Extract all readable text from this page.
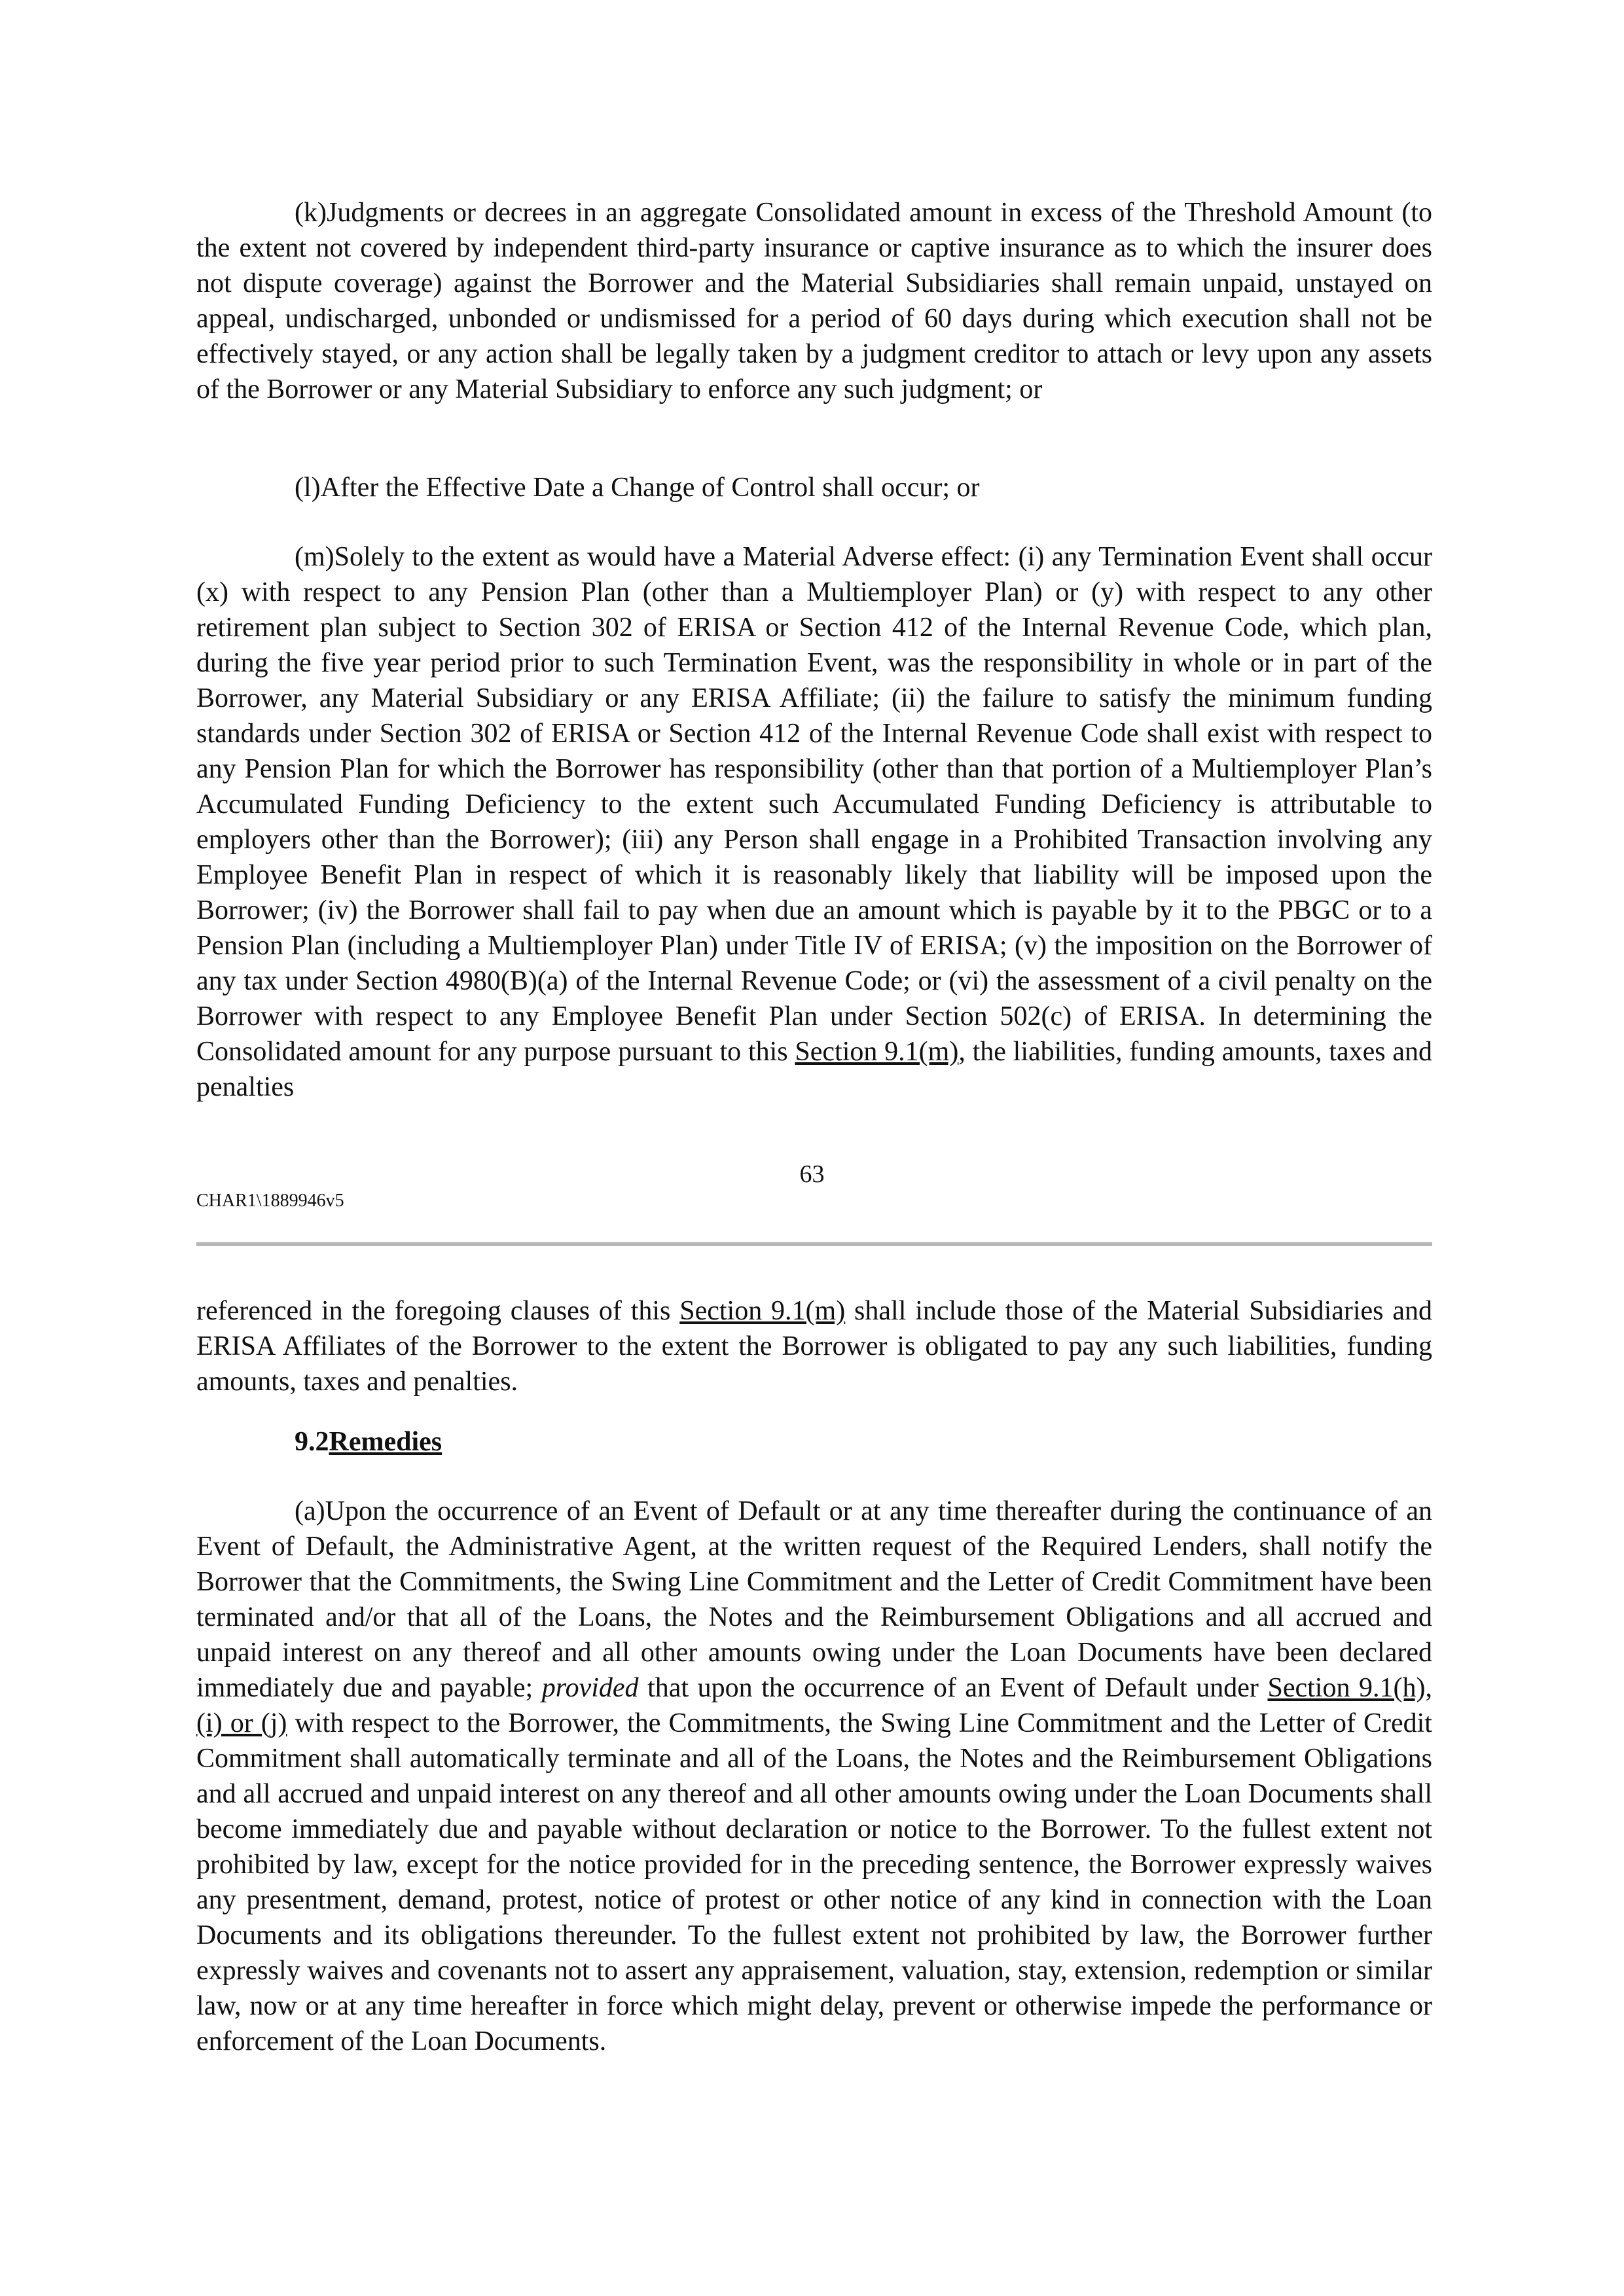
(k)Judgments or decrees in an aggregate Consolidated amount in excess of the Threshold Amount (to the extent not covered by independent third-party insurance or captive insurance as to which the insurer does not dispute coverage) against the Borrower and the Material Subsidiaries shall remain unpaid, unstayed on appeal, undischarged, unbonded or undismissed for a period of 60 days during which execution shall not be effectively stayed, or any action shall be legally taken by a judgment creditor to attach or levy upon any assets of the Borrower or any Material Subsidiary to enforce any such judgment; or

(l)After the Effective Date a Change of Control shall occur; or

(m)Solely to the extent as would have a Material Adverse effect: (i) any Termination Event shall occur (x) with respect to any Pension Plan (other than a Multiemployer Plan) or (y) with respect to any other retirement plan subject to Section 302 of ERISA or Section 412 of the Internal Revenue Code, which plan, during the five year period prior to such Termination Event, was the responsibility in whole or in part of the Borrower, any Material Subsidiary or any ERISA Affiliate; (ii) the failure to satisfy the minimum funding standards under Section 302 of ERISA or Section 412 of the Internal Revenue Code shall exist with respect to any Pension Plan for which the Borrower has responsibility (other than that portion of a Multiemployer Plan’s Accumulated Funding Deficiency to the extent such Accumulated Funding Deficiency is attributable to employers other than the Borrower); (iii) any Person shall engage in a Prohibited Transaction involving any Employee Benefit Plan in respect of which it is reasonably likely that liability will be imposed upon the Borrower; (iv) the Borrower shall fail to pay when due an amount which is payable by it to the PBGC or to a Pension Plan (including a Multiemployer Plan) under Title IV of ERISA; (v) the imposition on the Borrower of any tax under Section 4980(B)(a) of the Internal Revenue Code; or (vi) the assessment of a civil penalty on the Borrower with respect to any Employee Benefit Plan under Section 502(c) of ERISA. In determining the Consolidated amount for any purpose pursuant to this Section 9.1(m), the liabilities, funding amounts, taxes and penalties

63
CHAR1\1889946v5

referenced in the foregoing clauses of this Section 9.1(m) shall include those of the Material Subsidiaries and ERISA Affiliates of the Borrower to the extent the Borrower is obligated to pay any such liabilities, funding amounts, taxes and penalties.

9.2Remedies

(a)Upon the occurrence of an Event of Default or at any time thereafter during the continuance of an Event of Default, the Administrative Agent, at the written request of the Required Lenders, shall notify the Borrower that the Commitments, the Swing Line Commitment and the Letter of Credit Commitment have been terminated and/or that all of the Loans, the Notes and the Reimbursement Obligations and all accrued and unpaid interest on any thereof and all other amounts owing under the Loan Documents have been declared immediately due and payable; provided that upon the occurrence of an Event of Default under Section 9.1(h), (i) or (j) with respect to the Borrower, the Commitments, the Swing Line Commitment and the Letter of Credit Commitment shall automatically terminate and all of the Loans, the Notes and the Reimbursement Obligations and all accrued and unpaid interest on any thereof and all other amounts owing under the Loan Documents shall become immediately due and payable without declaration or notice to the Borrower. To the fullest extent not prohibited by law, except for the notice provided for in the preceding sentence, the Borrower expressly waives any presentment, demand, protest, notice of protest or other notice of any kind in connection with the Loan Documents and its obligations thereunder. To the fullest extent not prohibited by law, the Borrower further expressly waives and covenants not to assert any appraisement, valuation, stay, extension, redemption or similar law, now or at any time hereafter in force which might delay, prevent or otherwise impede the performance or enforcement of the Loan Documents.
